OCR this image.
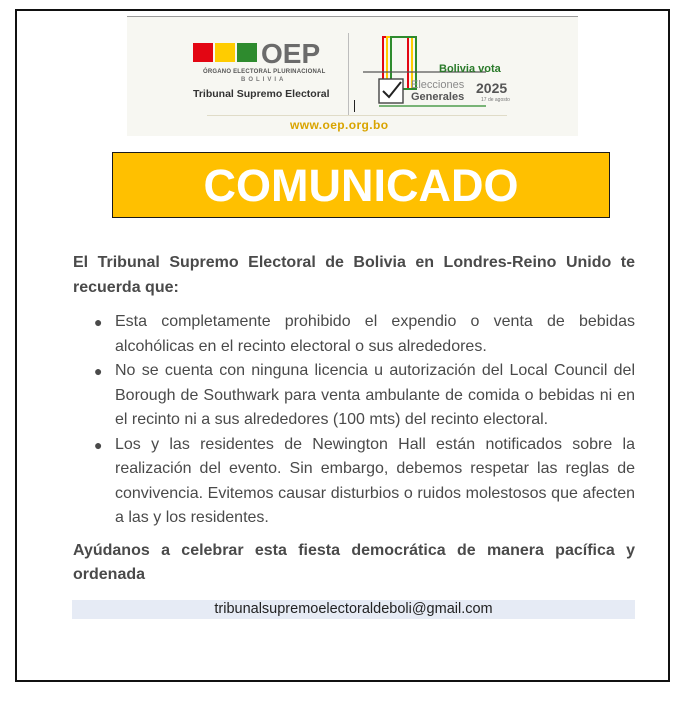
OEP
ÓRGANO ELECTORAL PLURINACIONAL
BOLIVIA
Tribunal Supremo Electoral
Bolivia vota
Elecciones
Generales
2025
17 de agosto
www.oep.org.bo
COMUNICADO

El Tribunal Supremo Electoral de Bolivia en Londres-Reino Unido te recuerda que:

● Esta completamente prohibido el expendio o venta de bebidas alcohólicas en el recinto electoral o sus alrededores.
● No se cuenta con ninguna licencia u autorización del Local Council del Borough de Southwark para venta ambulante de comida o bebidas ni en el recinto ni a sus alrededores (100 mts) del recinto electoral.
● Los y las residentes de Newington Hall están notificados sobre la realización del evento. Sin embargo, debemos respetar las reglas de convivencia. Evitemos causar disturbios o ruidos molestosos que afecten a las y los residentes.

Ayúdanos a celebrar esta fiesta democrática de manera pacífica y ordenada

tribunalsupremoelectoraldeboli@gmail.com
